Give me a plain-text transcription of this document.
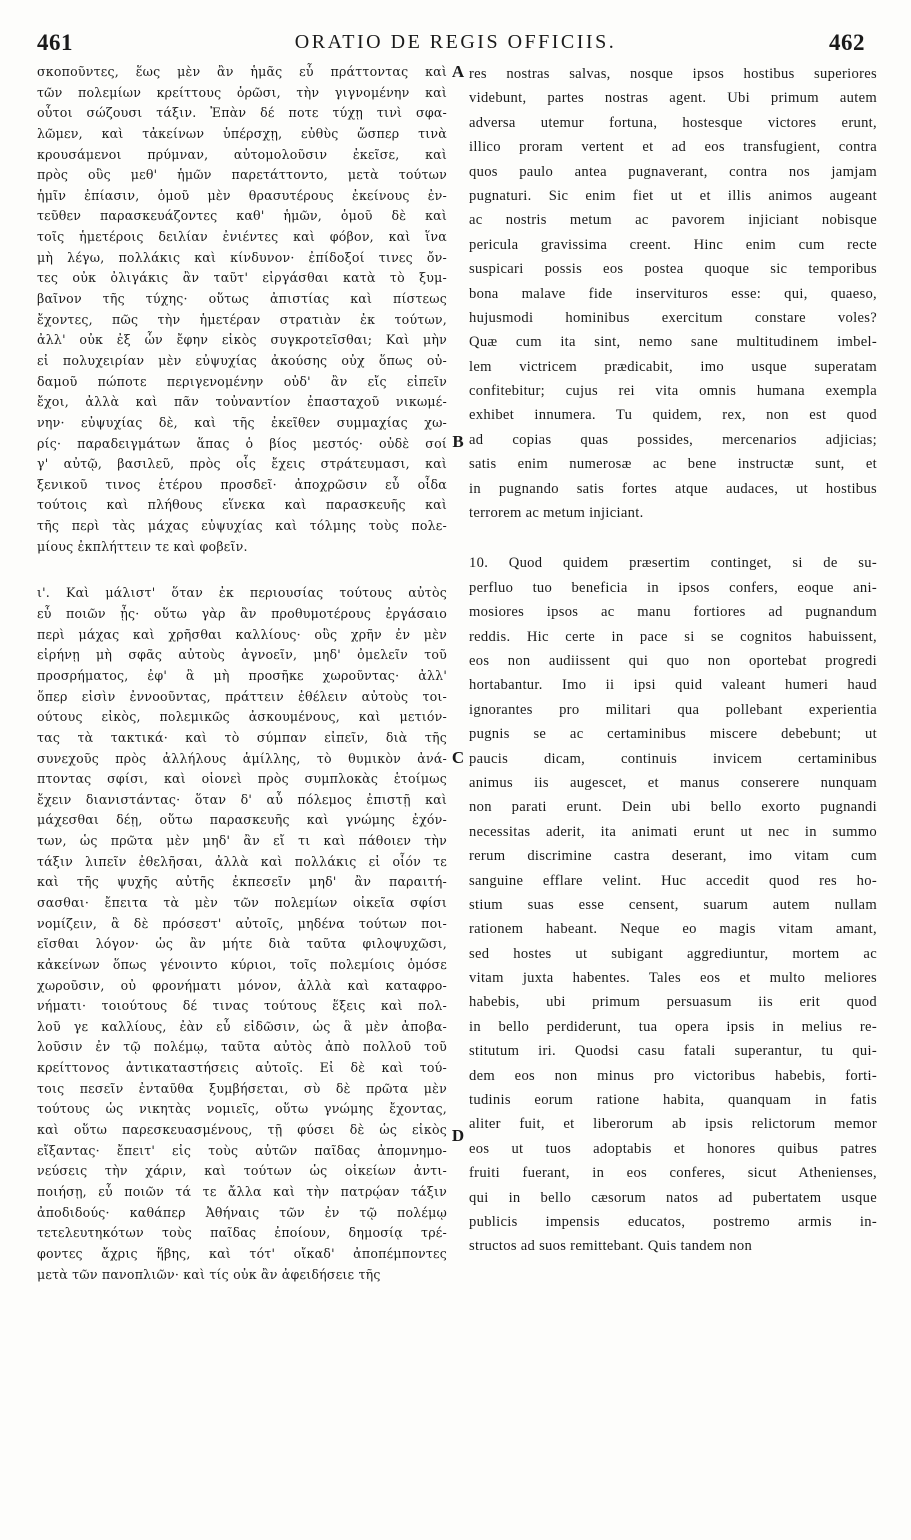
461	ORATIO DE REGIS OFFICIIS.	462
σκοποῦντες, ἕως μὲν ἂν ἡμᾶς εὖ πράττοντας καὶ
τῶν πολεμίων κρείττους ὁρῶσι, τὴν γιγνομένην καὶ
οὗτοι σώζουσι τάξιν. Ἐπὰν δέ ποτε τύχῃ τινὶ σφα-
λῶμεν, καὶ τἀκείνων ὑπέρσχῃ, εὐθὺς ὥσπερ τινὰ
κρουσάμενοι πρύμναν, αὐτομολοῦσιν ἐκεῖσε, καὶ
πρὸς οὓς μεθ' ἡμῶν παρετάττοντο, μετὰ τούτων
ἡμῖν ἐπίασιν, ὁμοῦ μὲν θρασυτέρους ἐκείνους ἐν-
τεῦθεν παρασκευάζοντες καθ' ἡμῶν, ὁμοῦ δὲ καὶ
τοῖς ἡμετέροις δειλίαν ἐνιέντες καὶ φόβον, καὶ ἵνα
μὴ λέγω, πολλάκις καὶ κίνδυνον· ἐπίδοξοί τινες ὄν-
τες οὐκ ὀλιγάκις ἂν ταῦτ' εἰργάσθαι κατὰ τὸ ξυμ-
βαῖνον τῆς τύχης· οὕτως ἀπιστίας καὶ πίστεως
ἔχοντες, πῶς τὴν ἡμετέραν στρατιὰν ἐκ τούτων,
ἀλλ' οὐκ ἐξ ὧν ἔφην εἰκὸς συγκροτεῖσθαι; Καὶ μὴν
εἰ πολυχειρίαν μὲν εὐψυχίας ἀκούσης οὐχ ὅπως οὐ-
δαμοῦ πώποτε περιγενομένην οὐδ' ἂν εἴς εἰπεῖν
ἔχοι, ἀλλὰ καὶ πᾶν τοὐναντίον ἐπασταχοῦ νικωμέ-
νην· εὐψυχίας δὲ, καὶ τῆς ἐκεῖθεν συμμαχίας χω-
ρίς· παραδειγμάτων ἅπας ὁ βίος μεστός· οὐδὲ σοί
γ' αὐτῷ, βασιλεῦ, πρὸς οἷς ἔχεις στράτευμασι, καὶ
ξενικοῦ τινος ἑτέρου προσδεῖ· ἀποχρῶσιν εὖ οἶδα
τούτοις καὶ πλήθους εἵνεκα καὶ παρασκευῆς καὶ
τῆς περὶ τὰς μάχας εὐψυχίας καὶ τόλμης τοὺς πολε-
μίους ἐκπλήττειν τε καὶ φοβεῖν.
ι'. Καὶ μάλιστ' ὅταν ἐκ περιουσίας τούτους αὐτὸς
εὖ ποιῶν ᾖς· οὕτω γὰρ ἂν προθυμοτέρους ἐργάσαιο
περὶ μάχας καὶ χρῆσθαι καλλίους· οὓς χρῆν ἐν μὲν
εἰρήνῃ μὴ σφᾶς αὐτοὺς ἀγνοεῖν, μηδ' ὀμελεῖν τοῦ
προσρήματος, ἐφ' ἃ μὴ προσῆκε χωροῦντας· ἀλλ'
ὅπερ εἰσὶν ἐννοοῦντας, πράττειν ἐθέλειν αὐτοὺς τοι-
ούτους εἰκὸς, πολεμικῶς ἀσκουμένους, καὶ μετιόν-
τας τὰ τακτικά· καὶ τὸ σύμπαν εἰπεῖν, διὰ τῆς
συνεχοῦς πρὸς ἀλλήλους ἁμίλλης, τὸ θυμικὸν ἀνά-
πτοντας σφίσι, καὶ οἱονεὶ πρὸς συμπλοκὰς ἑτοίμως
ἔχειν διανιστάντας· ὅταν δ' αὖ πόλεμος ἐπιστῇ καὶ
μάχεσθαι δέῃ, οὕτω παρασκευῆς καὶ γνώμης ἐχόν-
των, ὡς πρῶτα μὲν μηδ' ἂν εἴ τι καὶ πάθοιεν τὴν
τάξιν λιπεῖν ἐθελῆσαι, ἀλλὰ καὶ πολλάκις εἰ οἷόν τε
καὶ τῆς ψυχῆς αὐτῆς ἐκπεσεῖν μηδ' ἂν παραιτή-
σασθαι· ἔπειτα τὰ μὲν τῶν πολεμίων οἰκεῖα σφίσι
νομίζειν, ἃ δὲ πρόσεστ' αὐτοῖς, μηδένα τούτων ποι-
εῖσθαι λόγον· ὡς ἂν μήτε διὰ ταῦτα φιλοψυχῶσι,
κἀκείνων ὅπως γένοιντο κύριοι, τοῖς πολεμίοις ὁμόσε
χωροῦσιν, οὐ φρονήματι μόνον, ἀλλὰ καὶ καταφρο-
νήματι· τοιούτους δέ τινας τούτους ἕξεις καὶ πολ-
λοῦ γε καλλίους, ἐὰν εὖ εἰδῶσιν, ὡς ἃ μὲν ἀποβα-
λοῦσιν ἐν τῷ πολέμῳ, ταῦτα αὐτὸς ἀπὸ πολλοῦ τοῦ
κρείττονος ἀντικαταστήσεις αὐτοῖς. Εἰ δὲ καὶ τού-
τοις πεσεῖν ἐνταῦθα ξυμβήσεται, σὺ δὲ πρῶτα μὲν
τούτους ὡς νικητὰς νομιεῖς, οὕτω γνώμης ἔχοντας,
καὶ οὕτω παρεσκευασμένους, τῇ φύσει δὲ ὡς εἰκὸς
εἴξαντας· ἔπειτ' εἰς τοὺς αὐτῶν παῖδας ἀπομνημο-
νεύσεις τὴν χάριν, καὶ τούτων ὡς οἰκείων ἀντι-
ποιήσῃ, εὖ ποιῶν τά τε ἄλλα καὶ τὴν πατρῴαν τάξιν
ἀποδιδούς· καθάπερ Ἀθήναις τῶν ἐν τῷ πολέμῳ
τετελευτηκότων τοὺς παῖδας ἐποίουν, δημοσίᾳ τρέ-
φοντες ἄχρις ἥβης, καὶ τότ' οἴκαδ' ἀποπέμποντες
μετὰ τῶν πανοπλιῶν· καὶ τίς οὐκ ἂν ἀφειδήσειε τῆς
A
B
C
D
res nostras salvas, nosque ipsos hostibus superiores
videbunt, partes nostras agent. Ubi primum autem
adversa utemur fortuna, hostesque victores erunt,
illico proram vertent et ad eos transfugient, contra
quos paulo antea pugnaverant, contra nos jamjam
pugnaturi. Sic enim fiet ut et illis animos augeant
ac nostris metum ac pavorem injiciant nobisque
pericula gravissima creent. Hinc enim cum recte
suspicari possis eos postea quoque sic temporibus
bona malave fide inservituros esse: qui, quaeso,
hujusmodi hominibus exercitum constare voles?
Quæ cum ita sint, nemo sane multitudinem imbel-
lem victricem prædicabit, imo usque superatam
confitebitur; cujus rei vita omnis humana exempla
exhibet innumera. Tu quidem, rex, non est quod
ad copias quas possides, mercenarios adjicias;
satis enim numerosæ ac bene instructæ sunt, et
in pugnando satis fortes atque audaces, ut hostibus
terrorem ac metum injiciant.
10. Quod quidem præsertim continget, si de su-
perfluo tuo beneficia in ipsos confers, eoque ani-
mosiores ipsos ac manu fortiores ad pugnandum
reddis. Hic certe in pace si se cognitos habuissent,
eos non audiissent qui quo non oportebat progredi
hortabantur. Imo ii ipsi quid valeant humeri haud
ignorantes pro militari qua pollebant experientia
pugnis se ac certaminibus miscere debebunt; ut
paucis dicam, continuis invicem certaminibus
animus iis augescet, et manus conserere nunquam
non parati erunt. Dein ubi bello exorto pugnandi
necessitas aderit, ita animati erunt ut nec in summo
rerum discrimine castra deserant, imo vitam cum
sanguine efflare velint. Huc accedit quod res ho-
stium suas esse censent, suarum autem nullam
rationem habeant. Neque eo magis vitam amant,
sed hostes ut subigant aggrediuntur, mortem ac
vitam juxta habentes. Tales eos et multo meliores
habebis, ubi primum persuasum iis erit quod
in bello perdiderunt, tua opera ipsis in melius re-
stitutum iri. Quodsi casu fatali superantur, tu qui-
dem eos non minus pro victoribus habebis, forti-
tudinis eorum ratione habita, quanquam in fatis
aliter fuit, et liberorum ab ipsis relictorum memor
eos ut tuos adoptabis et honores quibus patres
fruiti fuerant, in eos conferes, sicut Athenienses,
qui in bello cæsorum natos ad pubertatem usque
publicis impensis educatos, postremo armis in-
structos ad suos remittebant. Quis tandem non
